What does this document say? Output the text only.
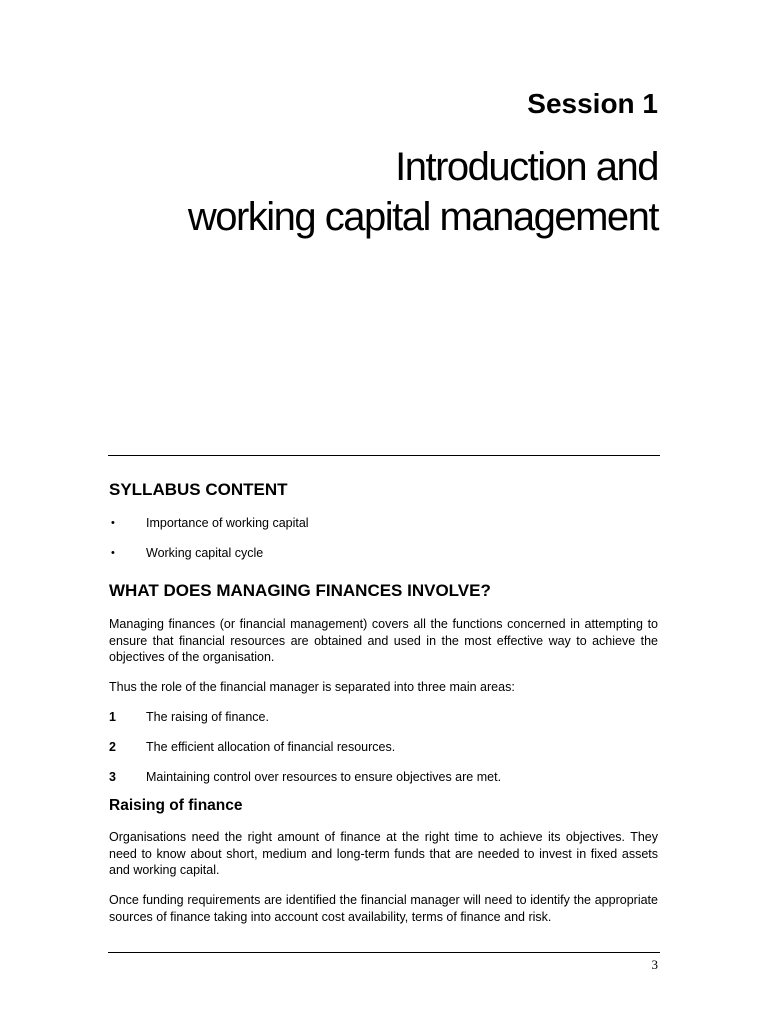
Session 1
Introduction and
working capital management
SYLLABUS CONTENT
• Importance of working capital
• Working capital cycle
WHAT DOES MANAGING FINANCES INVOLVE?
Managing finances (or financial management) covers all the functions concerned in attempting to ensure that financial resources are obtained and used in the most effective way to achieve the objectives of the organisation.
Thus the role of the financial manager is separated into three main areas:
1 The raising of finance.
2 The efficient allocation of financial resources.
3 Maintaining control over resources to ensure objectives are met.
Raising of finance
Organisations need the right amount of finance at the right time to achieve its objectives. They need to know about short, medium and long-term funds that are needed to invest in fixed assets and working capital.
Once funding requirements are identified the financial manager will need to identify the appropriate sources of finance taking into account cost availability, terms of finance and risk.
3
